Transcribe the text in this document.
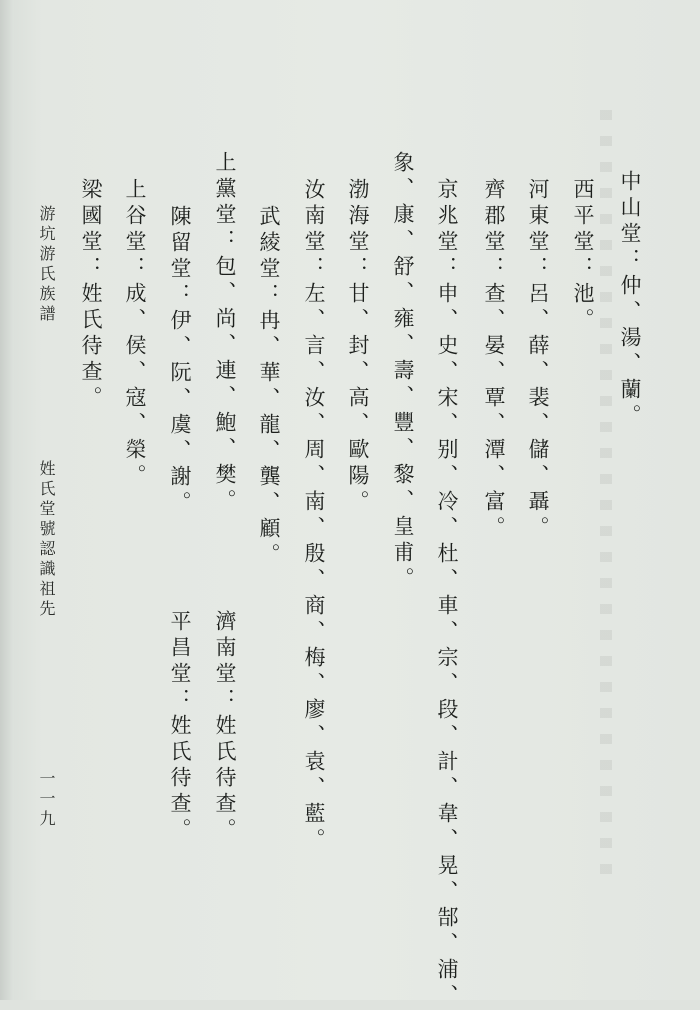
中山堂：仲、湯、蘭。
西平堂：池。
河東堂：呂、薛、裴、儲、聶。
齊郡堂：查、晏、覃、潭、富。
京兆堂：申、史、宋、别、冷、杜、車、宗、段、計、韋、晃、郜、浦、
象、康、舒、雍、壽、豐、黎、皇甫。
渤海堂：甘、封、高、歐陽。
汝南堂：左、言、汝、周、南、殷、商、梅、廖、袁、藍。
武綾堂：冉、華、龍、龔、顧。
上黨堂：包、尚、連、鮑、樊。
陳留堂：伊、阮、虞、謝。
上谷堂：成、侯、寇、榮。
梁國堂：姓氏待查。
濟南堂：姓氏待查。
平昌堂：姓氏待查。
游坑游氏族譜
姓氏堂號認識祖先
一一九
